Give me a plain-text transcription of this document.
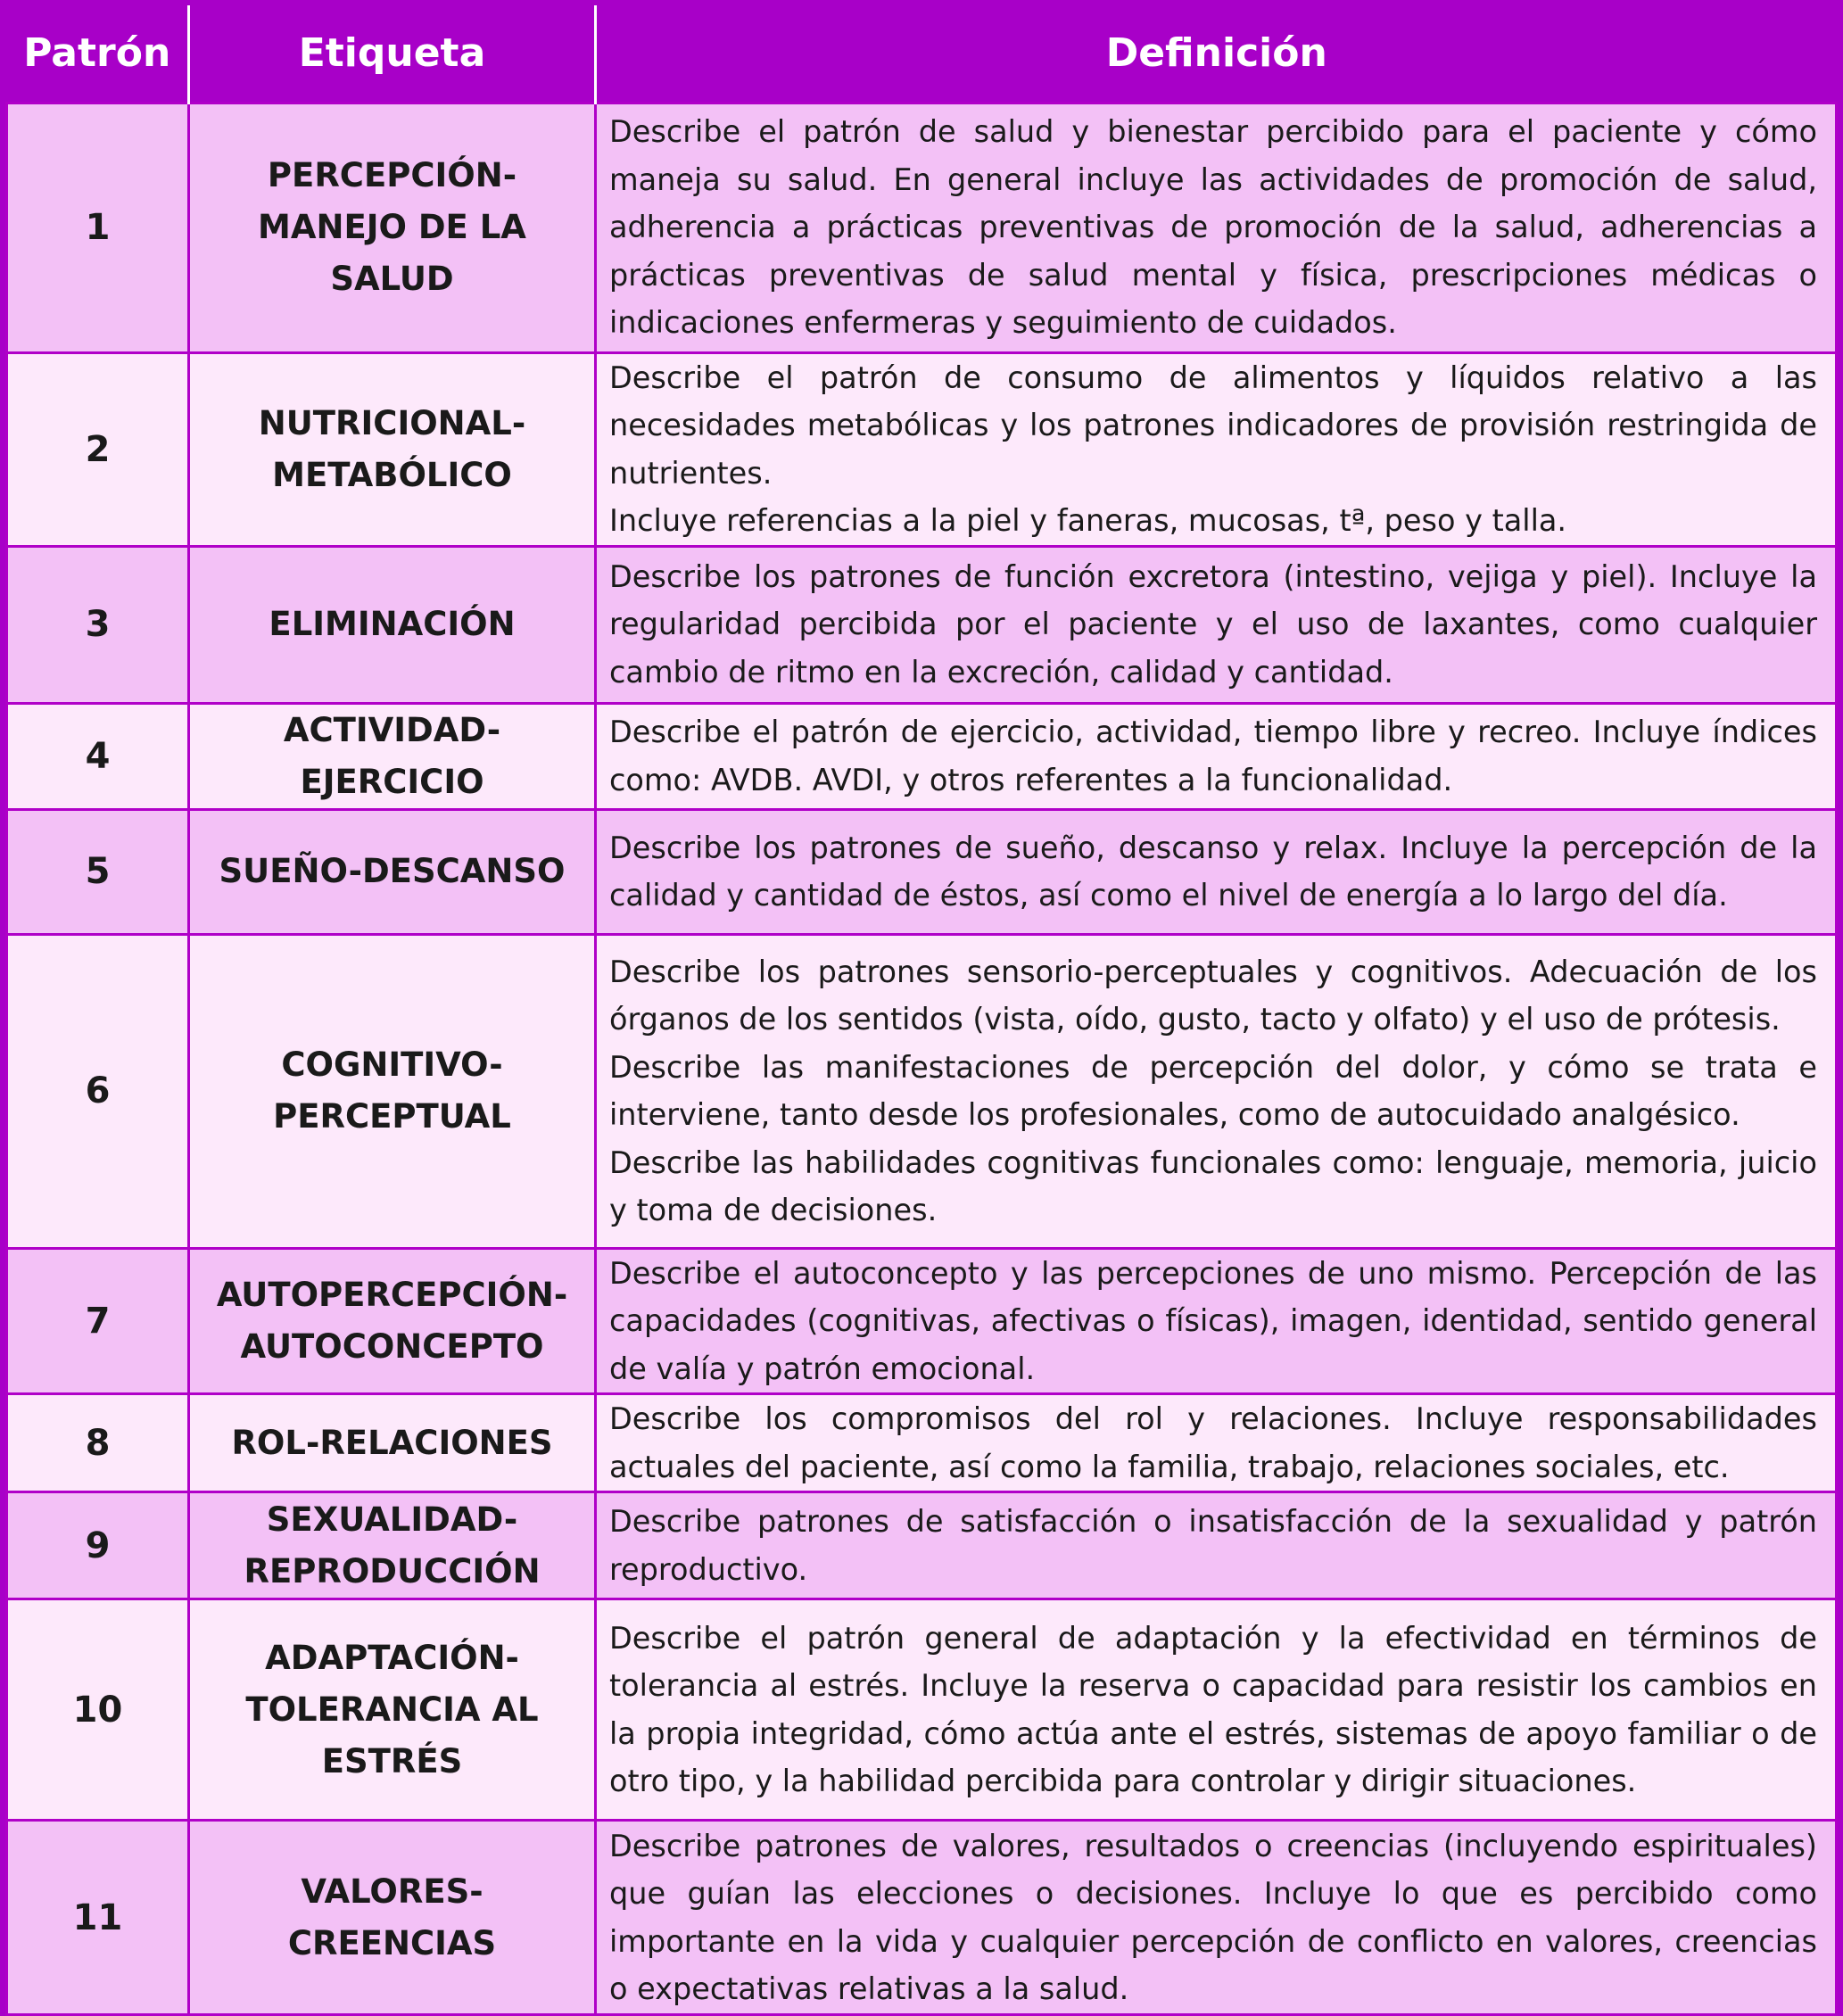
Patrón	Etiqueta	Definición
1	PERCEPCIÓN-MANEJO DE LA SALUD	Describe el patrón de salud y bienestar percibido para el paciente y cómo maneja su salud. En general incluye las actividades de promoción de salud, adherencia a prácticas preventivas de promoción de la salud, adherencias a prácticas preventivas de salud mental y física, prescripciones médicas o indicaciones enfermeras y seguimiento de cuidados.

2	NUTRICIONAL-METABÓLICO	Describe el patrón de consumo de alimentos y líquidos relativo a las necesidades metabólicas y los patrones indicadores de provisión restringida de nutrientes.
Incluye referencias a la piel y faneras, mucosas, tª, peso y talla.

3	ELIMINACIÓN	Describe los patrones de función excretora (intestino, vejiga y piel). Incluye la regularidad percibida por el paciente y el uso de laxantes, como cualquier cambio de ritmo en la excreción, calidad y cantidad.

4	ACTIVIDAD-EJERCICIO	Describe el patrón de ejercicio, actividad, tiempo libre y recreo. Incluye índices como: AVDB. AVDI, y otros referentes a la funcionalidad.

5	SUEÑO-DESCANSO	Describe los patrones de sueño, descanso y relax. Incluye la percepción de la calidad y cantidad de éstos, así como el nivel de energía a lo largo del día.

6	COGNITIVO-PERCEPTUAL	Describe los patrones sensorio-perceptuales y cognitivos. Adecuación de los órganos de los sentidos (vista, oído, gusto, tacto y olfato) y el uso de prótesis.
Describe las manifestaciones de percepción del dolor, y cómo se trata e interviene, tanto desde los profesionales, como de autocuidado analgésico.
Describe las habilidades cognitivas funcionales como: lenguaje, memoria, juicio y toma de decisiones.

7	AUTOPERCEPCIÓN-AUTOCONCEPTO	Describe el autoconcepto y las percepciones de uno mismo. Percepción de las capacidades (cognitivas, afectivas o físicas), imagen, identidad, sentido general de valía y patrón emocional.

8	ROL-RELACIONES	Describe los compromisos del rol y relaciones. Incluye responsabilidades actuales del paciente, así como la familia, trabajo, relaciones sociales, etc.

9	SEXUALIDAD-REPRODUCCIÓN	Describe patrones de satisfacción o insatisfacción de la sexualidad y patrón reproductivo.

10	ADAPTACIÓN-TOLERANCIA AL ESTRÉS	Describe el patrón general de adaptación y la efectividad en términos de tolerancia al estrés. Incluye la reserva o capacidad para resistir los cambios en la propia integridad, cómo actúa ante el estrés, sistemas de apoyo familiar o de otro tipo, y la habilidad percibida para controlar y dirigir situaciones.

11	VALORES-CREENCIAS	Describe patrones de valores, resultados o creencias (incluyendo espirituales) que guían las elecciones o decisiones. Incluye lo que es percibido como importante en la vida y cualquier percepción de conflicto en valores, creencias o expectativas relativas a la salud.
